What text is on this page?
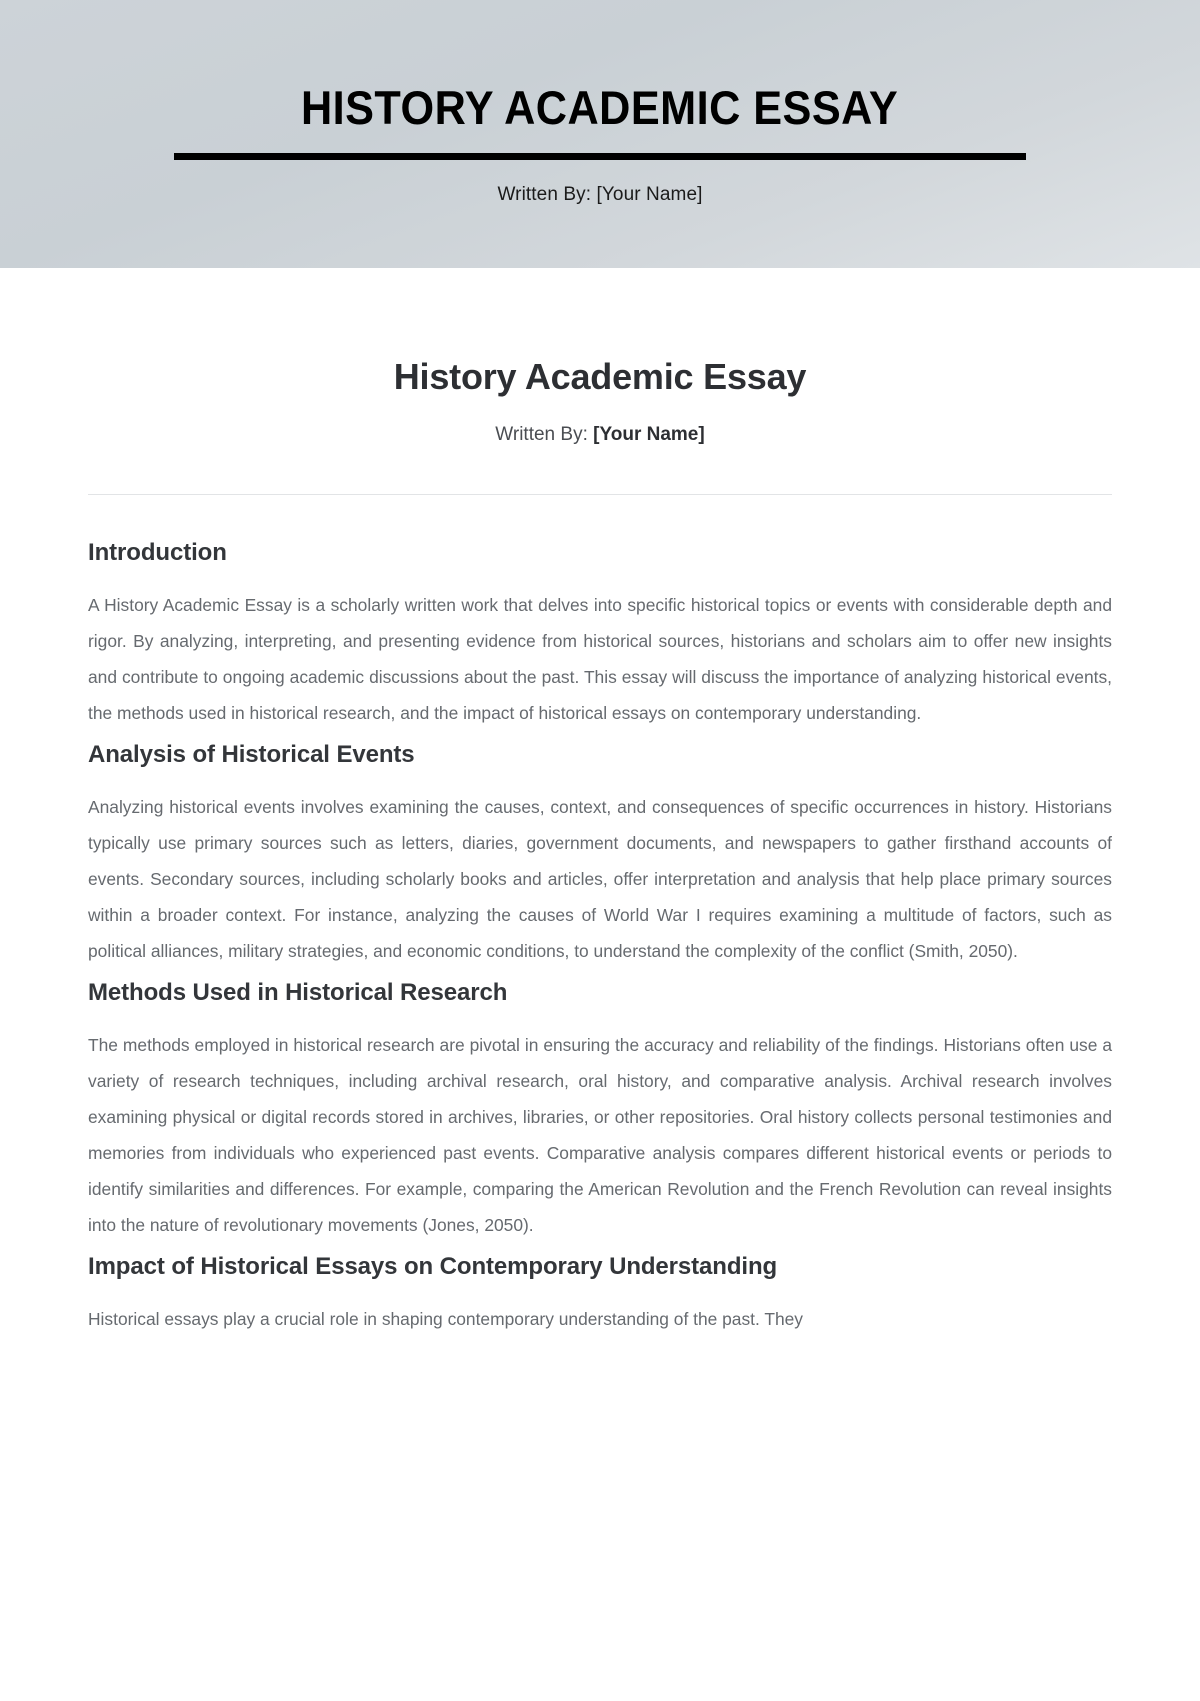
HISTORY ACADEMIC ESSAY
Written By: [Your Name]
History Academic Essay
Written By: [Your Name]
Introduction

A History Academic Essay is a scholarly written work that delves into specific historical topics or events with considerable depth and rigor. By analyzing, interpreting, and presenting evidence from historical sources, historians and scholars aim to offer new insights and contribute to ongoing academic discussions about the past. This essay will discuss the importance of analyzing historical events, the methods used in historical research, and the impact of historical essays on contemporary understanding.

Analysis of Historical Events

Analyzing historical events involves examining the causes, context, and consequences of specific occurrences in history. Historians typically use primary sources such as letters, diaries, government documents, and newspapers to gather firsthand accounts of events. Secondary sources, including scholarly books and articles, offer interpretation and analysis that help place primary sources within a broader context. For instance, analyzing the causes of World War I requires examining a multitude of factors, such as political alliances, military strategies, and economic conditions, to understand the complexity of the conflict (Smith, 2050).

Methods Used in Historical Research

The methods employed in historical research are pivotal in ensuring the accuracy and reliability of the findings. Historians often use a variety of research techniques, including archival research, oral history, and comparative analysis. Archival research involves examining physical or digital records stored in archives, libraries, or other repositories. Oral history collects personal testimonies and memories from individuals who experienced past events. Comparative analysis compares different historical events or periods to identify similarities and differences. For example, comparing the American Revolution and the French Revolution can reveal insights into the nature of revolutionary movements (Jones, 2050).

Impact of Historical Essays on Contemporary Understanding

Historical essays play a crucial role in shaping contemporary understanding of the past. They
